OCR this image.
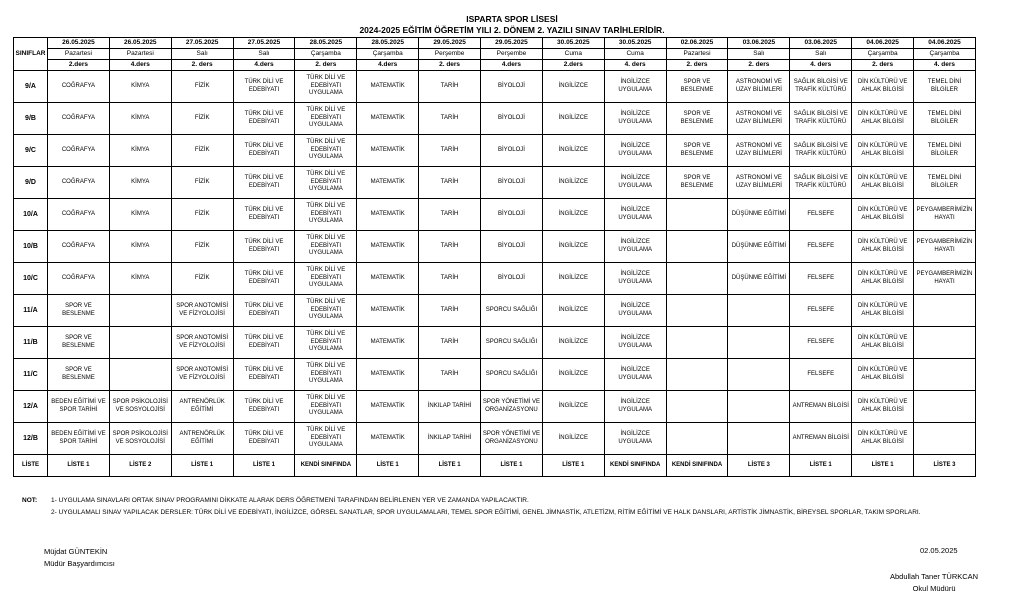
ISPARTA SPOR LİSESİ
2024-2025 EĞİTİM ÖĞRETİM YILI 2. DÖNEM 2. YAZILI SINAV TARİHLERİDİR.
SINIFLAR	26.05.2025	26.05.2025	27.05.2025	27.05.2025	28.05.2025	28.05.2025	29.05.2025	29.05.2025	30.05.2025	30.05.2025	02.06.2025	03.06.2025	03.06.2025	04.06.2025	04.06.2025
	Pazartesi	Pazartesi	Salı	Salı	Çarşamba	Çarşamba	Perşembe	Perşembe	Cuma	Cuma	Pazartesi	Salı	Salı	Çarşamba	Çarşamba
	2.ders	4.ders	2. ders	4.ders	2. ders	4.ders	2. ders	4.ders	2.ders	4. ders	2. ders	2. ders	4. ders	2. ders	4. ders
9/A	COĞRAFYA	KİMYA	FİZİK	TÜRK DİLİ VE EDEBİYATI	TÜRK DİLİ VE EDEBİYATI UYGULAMA	MATEMATİK	TARİH	BİYOLOJİ	İNGİLİZCE	İNGİLİZCE UYGULAMA	SPOR VE BESLENME	ASTRONOMİ VE UZAY BİLİMLERİ	SAĞLIK BİLGİSİ VE TRAFİK KÜLTÜRÜ	DİN KÜLTÜRÜ VE AHLAK BİLGİSİ	TEMEL DİNİ BİLGİLER
9/B	COĞRAFYA	KİMYA	FİZİK	TÜRK DİLİ VE EDEBİYATI	TÜRK DİLİ VE EDEBİYATI UYGULAMA	MATEMATİK	TARİH	BİYOLOJİ	İNGİLİZCE	İNGİLİZCE UYGULAMA	SPOR VE BESLENME	ASTRONOMİ VE UZAY BİLİMLERİ	SAĞLIK BİLGİSİ VE TRAFİK KÜLTÜRÜ	DİN KÜLTÜRÜ VE AHLAK BİLGİSİ	TEMEL DİNİ BİLGİLER
9/C	COĞRAFYA	KİMYA	FİZİK	TÜRK DİLİ VE EDEBİYATI	TÜRK DİLİ VE EDEBİYATI UYGULAMA	MATEMATİK	TARİH	BİYOLOJİ	İNGİLİZCE	İNGİLİZCE UYGULAMA	SPOR VE BESLENME	ASTRONOMİ VE UZAY BİLİMLERİ	SAĞLIK BİLGİSİ VE TRAFİK KÜLTÜRÜ	DİN KÜLTÜRÜ VE AHLAK BİLGİSİ	TEMEL DİNİ BİLGİLER
9/D	COĞRAFYA	KİMYA	FİZİK	TÜRK DİLİ VE EDEBİYATI	TÜRK DİLİ VE EDEBİYATI UYGULAMA	MATEMATİK	TARİH	BİYOLOJİ	İNGİLİZCE	İNGİLİZCE UYGULAMA	SPOR VE BESLENME	ASTRONOMİ VE UZAY BİLİMLERİ	SAĞLIK BİLGİSİ VE TRAFİK KÜLTÜRÜ	DİN KÜLTÜRÜ VE AHLAK BİLGİSİ	TEMEL DİNİ BİLGİLER
10/A	COĞRAFYA	KİMYA	FİZİK	TÜRK DİLİ VE EDEBİYATI	TÜRK DİLİ VE EDEBİYATI UYGULAMA	MATEMATİK	TARİH	BİYOLOJİ	İNGİLİZCE	İNGİLİZCE UYGULAMA		DÜŞÜNME EĞİTİMİ	FELSEFE	DİN KÜLTÜRÜ VE AHLAK BİLGİSİ	PEYGAMBERİMİZİN HAYATI
10/B	COĞRAFYA	KİMYA	FİZİK	TÜRK DİLİ VE EDEBİYATI	TÜRK DİLİ VE EDEBİYATI UYGULAMA	MATEMATİK	TARİH	BİYOLOJİ	İNGİLİZCE	İNGİLİZCE UYGULAMA		DÜŞÜNME EĞİTİMİ	FELSEFE	DİN KÜLTÜRÜ VE AHLAK BİLGİSİ	PEYGAMBERİMİZİN HAYATI
10/C	COĞRAFYA	KİMYA	FİZİK	TÜRK DİLİ VE EDEBİYATI	TÜRK DİLİ VE EDEBİYATI UYGULAMA	MATEMATİK	TARİH	BİYOLOJİ	İNGİLİZCE	İNGİLİZCE UYGULAMA		DÜŞÜNME EĞİTİMİ	FELSEFE	DİN KÜLTÜRÜ VE AHLAK BİLGİSİ	PEYGAMBERİMİZİN HAYATI
11/A	SPOR VE BESLENME		SPOR ANOTOMİSİ VE FİZYOLOJİSİ	TÜRK DİLİ VE EDEBİYATI	TÜRK DİLİ VE EDEBİYATI UYGULAMA	MATEMATİK	TARİH	SPORCU SAĞLIĞI	İNGİLİZCE	İNGİLİZCE UYGULAMA			FELSEFE	DİN KÜLTÜRÜ VE AHLAK BİLGİSİ	
11/B	SPOR VE BESLENME		SPOR ANOTOMİSİ VE FİZYOLOJİSİ	TÜRK DİLİ VE EDEBİYATI	TÜRK DİLİ VE EDEBİYATI UYGULAMA	MATEMATİK	TARİH	SPORCU SAĞLIĞI	İNGİLİZCE	İNGİLİZCE UYGULAMA			FELSEFE	DİN KÜLTÜRÜ VE AHLAK BİLGİSİ	
11/C	SPOR VE BESLENME		SPOR ANOTOMİSİ VE FİZYOLOJİSİ	TÜRK DİLİ VE EDEBİYATI	TÜRK DİLİ VE EDEBİYATI UYGULAMA	MATEMATİK	TARİH	SPORCU SAĞLIĞI	İNGİLİZCE	İNGİLİZCE UYGULAMA			FELSEFE	DİN KÜLTÜRÜ VE AHLAK BİLGİSİ	
12/A	BEDEN EĞİTİMİ VE SPOR TARİHİ	SPOR PSİKOLOJİSİ VE SOSYOLOJİSİ	ANTRENÖRLÜK EĞİTİMİ	TÜRK DİLİ VE EDEBİYATI	TÜRK DİLİ VE EDEBİYATI UYGULAMA	MATEMATİK	İNKILAP TARİHİ	SPOR YÖNETİMİ VE ORGANİZASYONU	İNGİLİZCE	İNGİLİZCE UYGULAMA			ANTREMAN BİLGİSİ	DİN KÜLTÜRÜ VE AHLAK BİLGİSİ	
12/B	BEDEN EĞİTİMİ VE SPOR TARİHİ	SPOR PSİKOLOJİSİ VE SOSYOLOJİSİ	ANTRENÖRLÜK EĞİTİMİ	TÜRK DİLİ VE EDEBİYATI	TÜRK DİLİ VE EDEBİYATI UYGULAMA	MATEMATİK	İNKILAP TARİHİ	SPOR YÖNETİMİ VE ORGANİZASYONU	İNGİLİZCE	İNGİLİZCE UYGULAMA			ANTREMAN BİLGİSİ	DİN KÜLTÜRÜ VE AHLAK BİLGİSİ	
LİSTE	LİSTE 1	LİSTE 2	LİSTE 1	LİSTE 1	KENDİ SINIFINDA	LİSTE 1	LİSTE 1	LİSTE 1	LİSTE 1	KENDİ SINIFINDA	KENDİ SINIFINDA	LİSTE 3	LİSTE 1	LİSTE 1	LİSTE 3
NOT: 1- UYGULAMA SINAVLARI ORTAK SINAV PROGRAMINI DİKKATE ALARAK DERS ÖĞRETMENİ TARAFINDAN BELİRLENEN YER VE ZAMANDA YAPILACAKTIR.
2- UYGULAMALI SINAV YAPILACAK DERSLER: TÜRK DİLİ VE EDEBİYATI, İNGİLİZCE, GÖRSEL SANATLAR, SPOR UYGULAMALARI, TEMEL SPOR EĞİTİMİ, GENEL JİMNASTİK, ATLETİZM, RİTİM EĞİTİMİ VE HALK DANSLARI, ARTİSTİK JİMNASTİK, BİREYSEL SPORLAR, TAKIM SPORLARI.
Müjdat GÜNTEKİN
Müdür Başyardımcısı
02.05.2025
Abdullah Taner TÜRKCAN
Okul Müdürü
